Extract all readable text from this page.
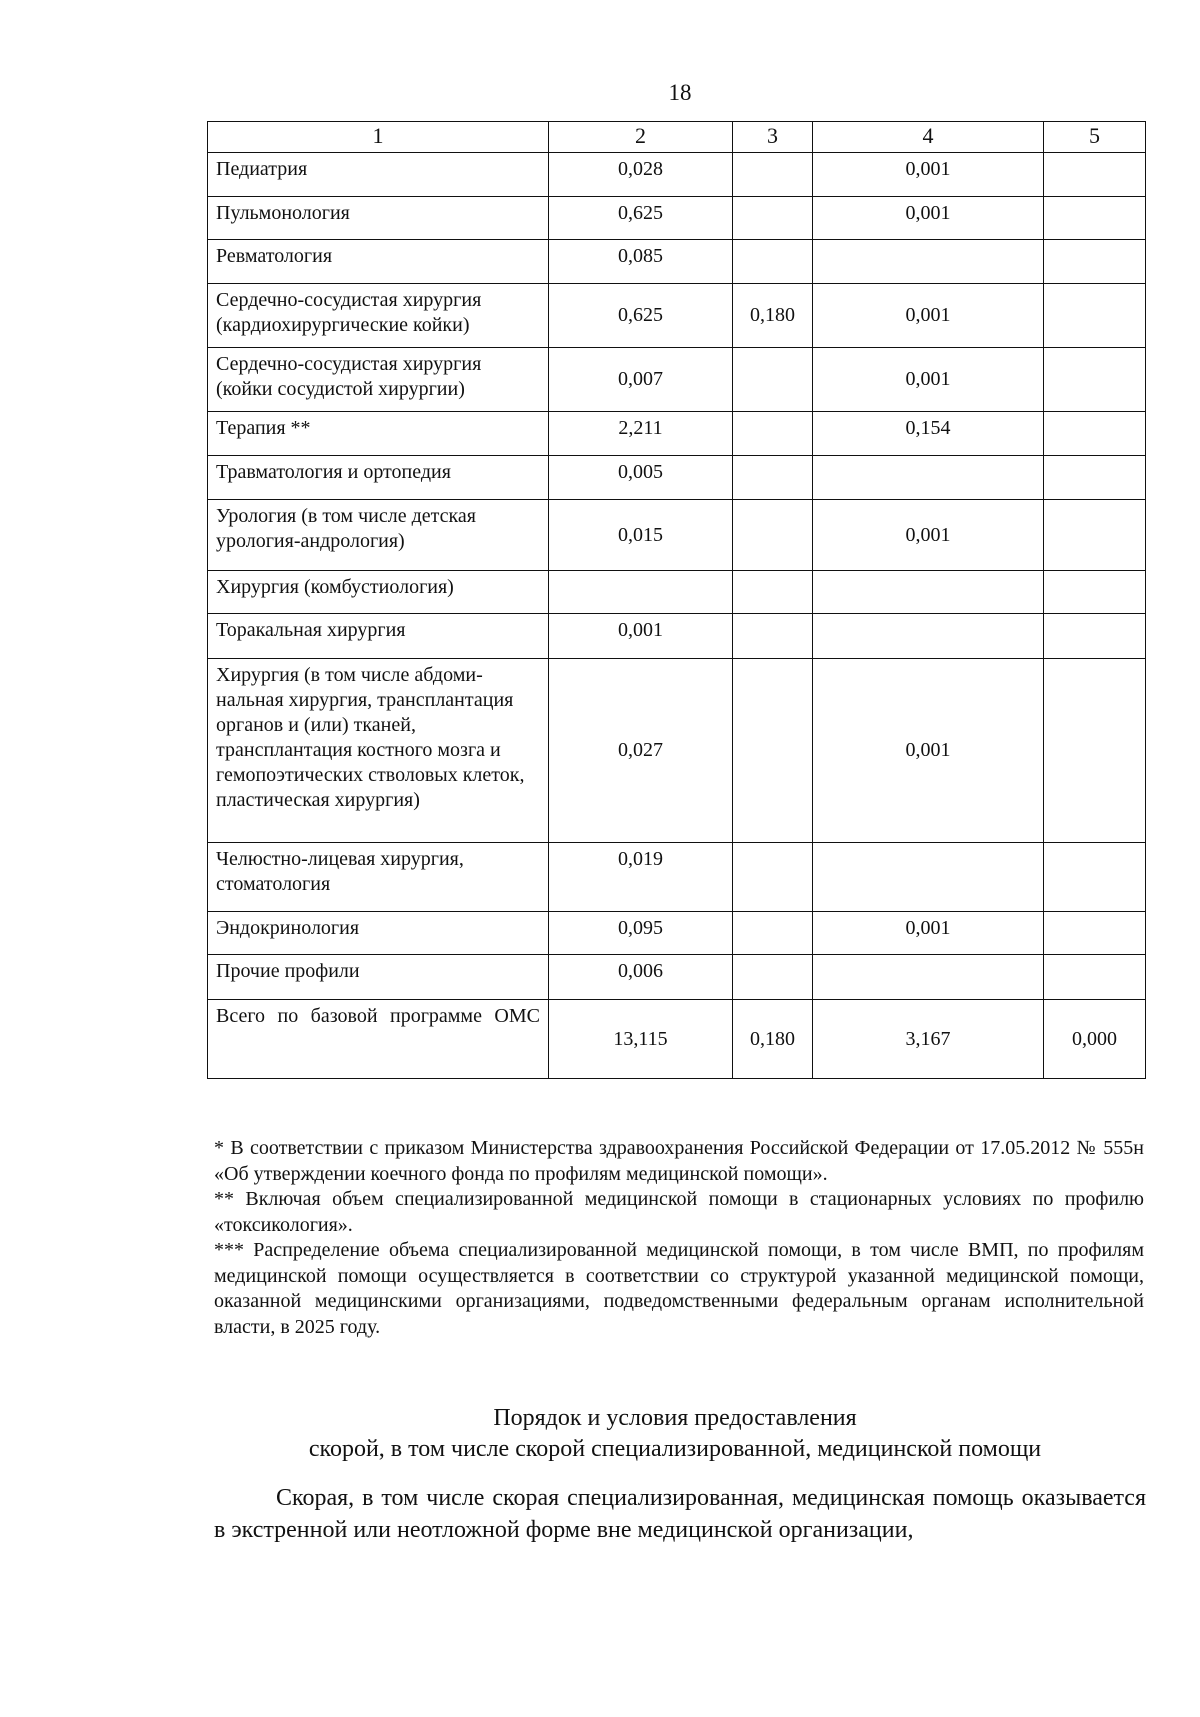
18
1	2	3	4	5
Педиатрия	0,028		0,001	
Пульмонология	0,625		0,001	
Ревматология	0,085			
Сердечно-сосудистая хирургия (кардиохирургические койки)	0,625	0,180	0,001	
Сердечно-сосудистая хирургия (койки сосудистой хирургии)	0,007		0,001	
Терапия **	2,211		0,154	
Травматология и ортопедия	0,005			
Урология (в том числе детская урология-андрология)	0,015		0,001	
Хирургия (комбустиология)				
Торакальная хирургия	0,001			
Хирургия (в том числе абдоминальная хирургия, трансплантация органов и (или) тканей, трансплантация костного мозга и гемопоэтических стволовых клеток, пластическая хирургия)	0,027		0,001	
Челюстно-лицевая хирургия, стоматология	0,019			
Эндокринология	0,095		0,001	
Прочие профили	0,006			
Всего по базовой программе ОМС	13,115	0,180	3,167	0,000

* В соответствии с приказом Министерства здравоохранения Российской Федерации от 17.05.2012 № 555н «Об утверждении коечного фонда по профилям медицинской помощи».

** Включая объем специализированной медицинской помощи в стационарных условиях по профилю «токсикология».

*** Распределение объема специализированной медицинской помощи, в том числе ВМП, по профилям медицинской помощи осуществляется в соответствии со структурой указанной медицинской помощи, оказанной медицинскими организациями, подведомственными федеральным органам исполнительной власти, в 2025 году.

Порядок и условия предоставления
скорой, в том числе скорой специализированной, медицинской помощи

Скорая, в том числе скорая специализированная, медицинская помощь оказывается в экстренной или неотложной форме вне медицинской организации,
